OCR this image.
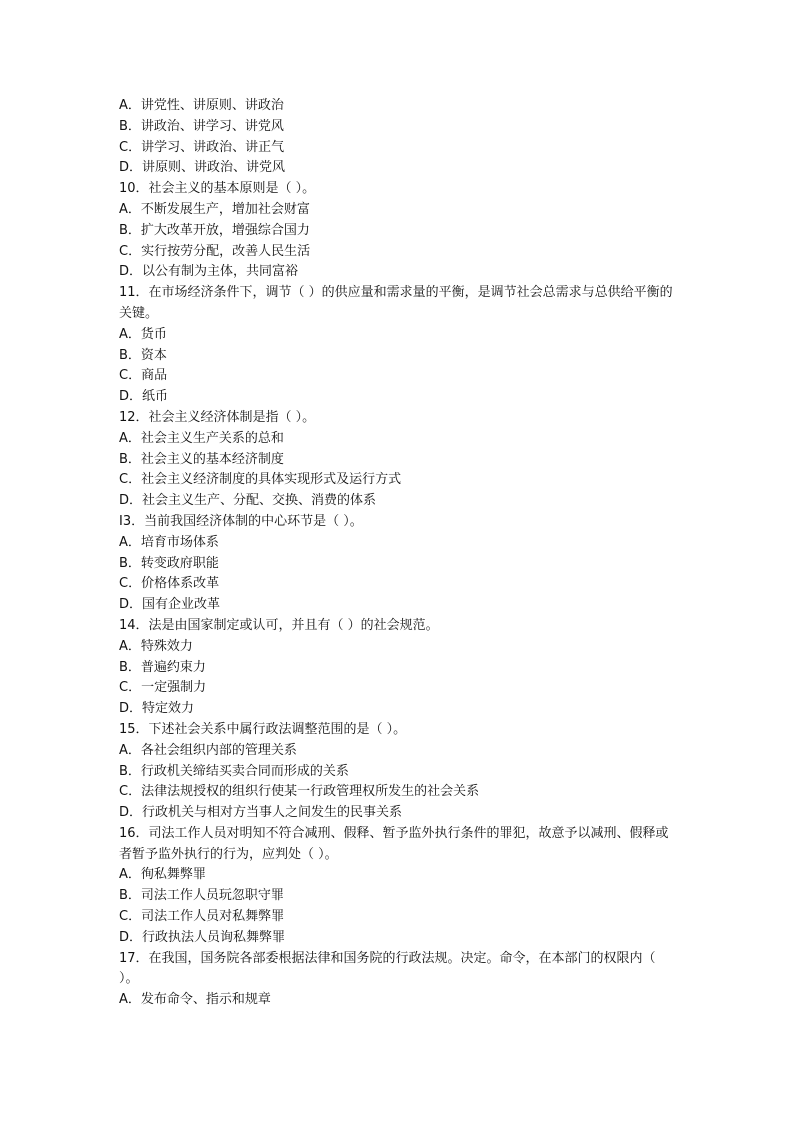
A．讲党性、讲原则、讲政治
B．讲政治、讲学习、讲党风
C．讲学习、讲政治、讲正气
D．讲原则、讲政治、讲党风
10．社会主义的基本原则是（ ）。
A．不断发展生产，增加社会财富
B．扩大改革开放，增强综合国力
C．实行按劳分配，改善人民生活
D．以公有制为主体，共同富裕
11．在市场经济条件下，调节（ ）的供应量和需求量的平衡，是调节社会总需求与总供给平衡的关键。
A．货币
B．资本
C．商品
D．纸币
12．社会主义经济体制是指（ ）。
A．社会主义生产关系的总和
B．社会主义的基本经济制度
C．社会主义经济制度的具体实现形式及运行方式
D．社会主义生产、分配、交换、消费的体系
I3．当前我国经济体制的中心环节是（ ）。
A．培育市场体系
B．转变政府职能
C．价格体系改革
D．国有企业改革
14．法是由国家制定或认可，并且有（ ）的社会规范。
A．特殊效力
B．普遍约束力
C．一定强制力
D．特定效力
15．下述社会关系中属行政法调整范围的是（ ）。
A．各社会组织内部的管理关系
B．行政机关缔结买卖合同而形成的关系
C．法律法规授权的组织行使某一行政管理权所发生的社会关系
D．行政机关与相对方当事人之间发生的民事关系
16．司法工作人员对明知不符合减刑、假释、暂予监外执行条件的罪犯，故意予以减刑、假释或者暂予监外执行的行为，应判处（ ）。
A．徇私舞弊罪
B．司法工作人员玩忽职守罪
C．司法工作人员对私舞弊罪
D．行政执法人员询私舞弊罪
17．在我国，国务院各部委根据法律和国务院的行政法规。决定。命令，在本部门的权限内（ ）。
A．发布命令、指示和规章
